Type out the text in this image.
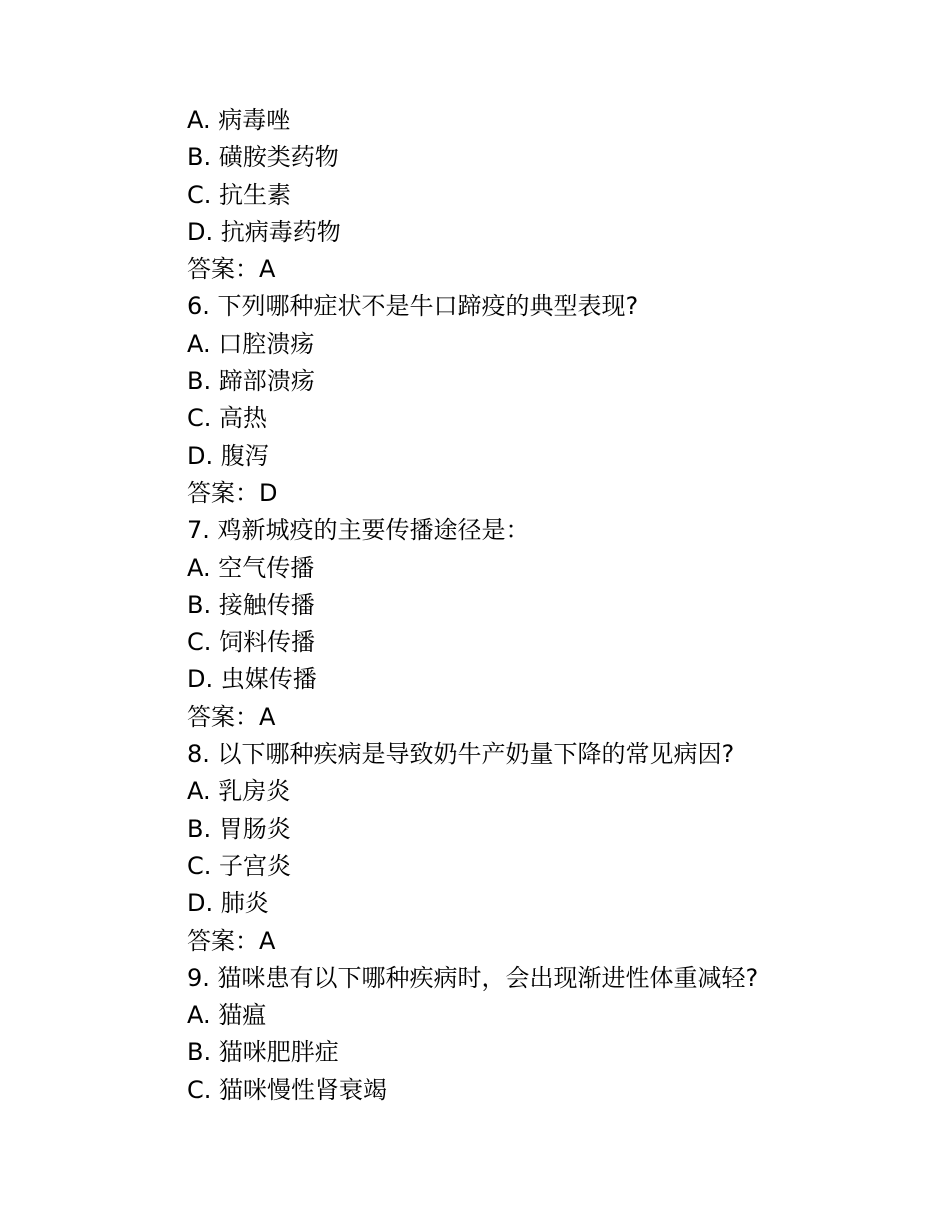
A. 病毒唑
B. 磺胺类药物
C. 抗生素
D. 抗病毒药物
答案：A
6. 下列哪种症状不是牛口蹄疫的典型表现?
A. 口腔溃疡
B. 蹄部溃疡
C. 高热
D. 腹泻
答案：D
7. 鸡新城疫的主要传播途径是：
A. 空气传播
B. 接触传播
C. 饲料传播
D. 虫媒传播
答案：A
8. 以下哪种疾病是导致奶牛产奶量下降的常见病因?
A. 乳房炎
B. 胃肠炎
C. 子宫炎
D. 肺炎
答案：A
9. 猫咪患有以下哪种疾病时，会出现渐进性体重减轻?
A. 猫瘟
B. 猫咪肥胖症
C. 猫咪慢性肾衰竭
